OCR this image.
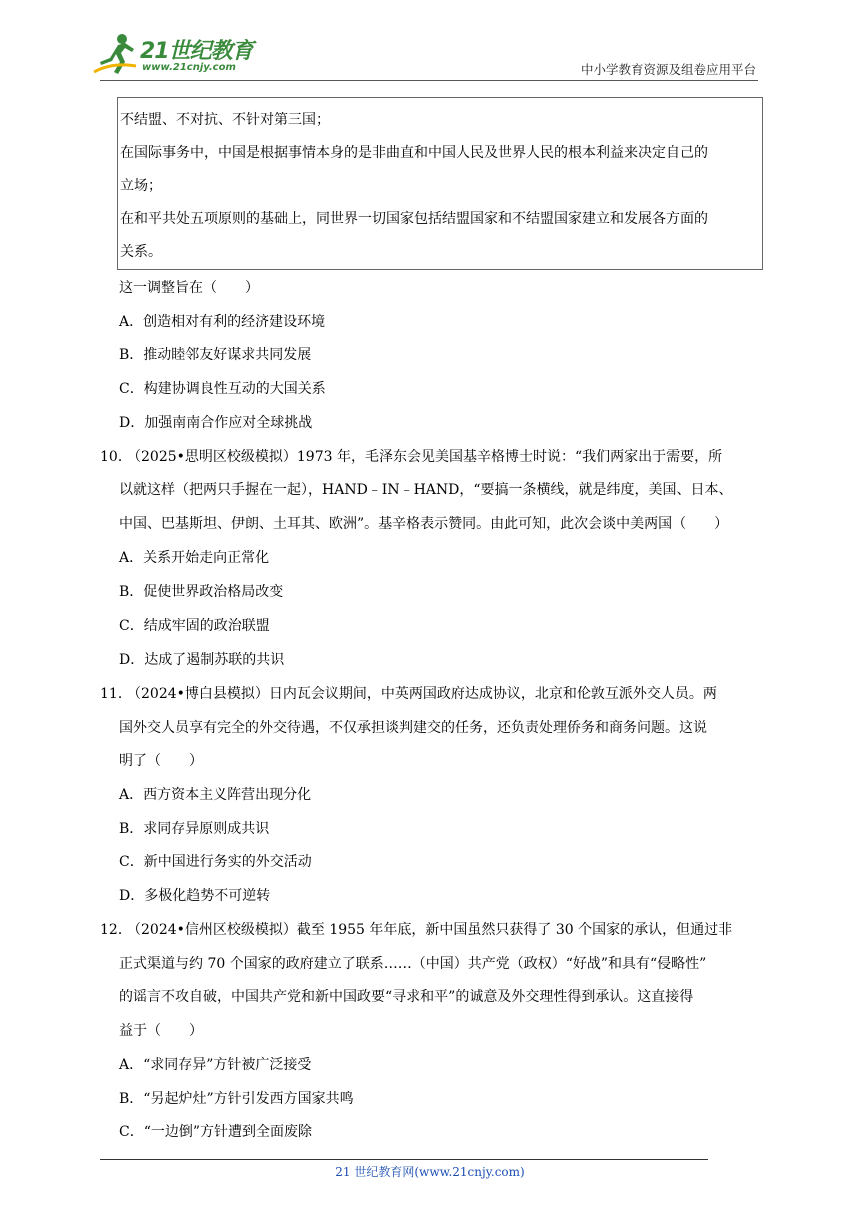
21世纪教育
www.21cnjy.com	中小学教育资源及组卷应用平台
不结盟、不对抗、不针对第三国；
在国际事务中，中国是根据事情本身的是非曲直和中国人民及世界人民的根本利益来决定自己的
立场；
在和平共处五项原则的基础上，同世界一切国家包括结盟国家和不结盟国家建立和发展各方面的
关系。
这一调整旨在（　　）
A．创造相对有利的经济建设环境
B．推动睦邻友好谋求共同发展
C．构建协调良性互动的大国关系
D．加强南南合作应对全球挑战
10．
（2025•思明区校级模拟）1973 年，毛泽东会见美国基辛格博士时说：“我们两家出于需要，所
以就这样（把两只手握在一起），HAND﹣IN﹣HAND，“要搞一条横线，就是纬度，美国、日本、
中国、巴基斯坦、伊朗、土耳其、欧洲”。基辛格表示赞同。由此可知，此次会谈中美两国（　　）
A．关系开始走向正常化
B．促使世界政治格局改变
C．结成牢固的政治联盟
D．达成了遏制苏联的共识
11．
（2024•博白县模拟）日内瓦会议期间，中英两国政府达成协议，北京和伦敦互派外交人员。两
国外交人员享有完全的外交待遇，不仅承担谈判建交的任务，还负责处理侨务和商务问题。这说
明了（　　）
A．西方资本主义阵营出现分化
B．求同存异原则成共识
C．新中国进行务实的外交活动
D．多极化趋势不可逆转
12．
（2024•信州区校级模拟）截至 1955 年年底，新中国虽然只获得了 30 个国家的承认，但通过非
正式渠道与约 70 个国家的政府建立了联系……（中国）共产党（政权）“好战”和具有“侵略性”
的谣言不攻自破，中国共产党和新中国政要“寻求和平”的诚意及外交理性得到承认。这直接得
益于（　　）
A．“求同存异”方针被广泛接受
B．“另起炉灶”方针引发西方国家共鸣
C．“一边倒”方针遭到全面废除
21 世纪教育网(www.21cnjy.com)
